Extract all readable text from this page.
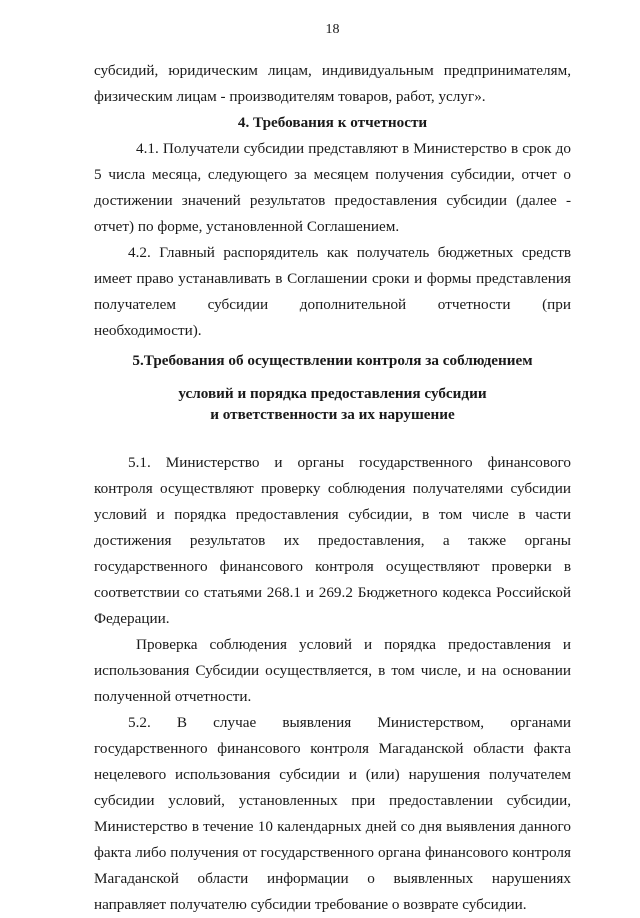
18

субсидий, юридическим лицам, индивидуальным предпринимателям, физическим лицам - производителям товаров, работ, услуг».

4. Требования к отчетности

4.1. Получатели субсидии представляют в Министерство в срок до 5 числа месяца, следующего за месяцем получения субсидии, отчет о достижении значений результатов предоставления субсидии (далее - отчет) по форме, установленной Соглашением.

4.2. Главный распорядитель как получатель бюджетных средств имеет право устанавливать в Соглашении сроки и формы представления получателем субсидии дополнительной отчетности (при необходимости).

5.Требования об осуществлении контроля за соблюдением
условий и порядка предоставления субсидии
и ответственности за их нарушение

5.1. Министерство и органы государственного финансового контроля осуществляют проверку соблюдения получателями субсидии условий и порядка предоставления субсидии, в том числе в части достижения результатов их предоставления, а также органы государственного финансового контроля осуществляют проверки в соответствии со статьями 268.1 и 269.2 Бюджетного кодекса Российской Федерации.

Проверка соблюдения условий и порядка предоставления и использования Субсидии осуществляется, в том числе, и на основании полученной отчетности.

5.2. В случае выявления Министерством, органами государственного финансового контроля Магаданской области факта нецелевого использования субсидии и (или) нарушения получателем субсидии условий, установленных при предоставлении субсидии, Министерство в течение 10 календарных дней со дня выявления данного факта либо получения от государственного органа финансового контроля Магаданской области информации о выявленных нарушениях направляет получателю субсидии требование о возврате субсидии.
